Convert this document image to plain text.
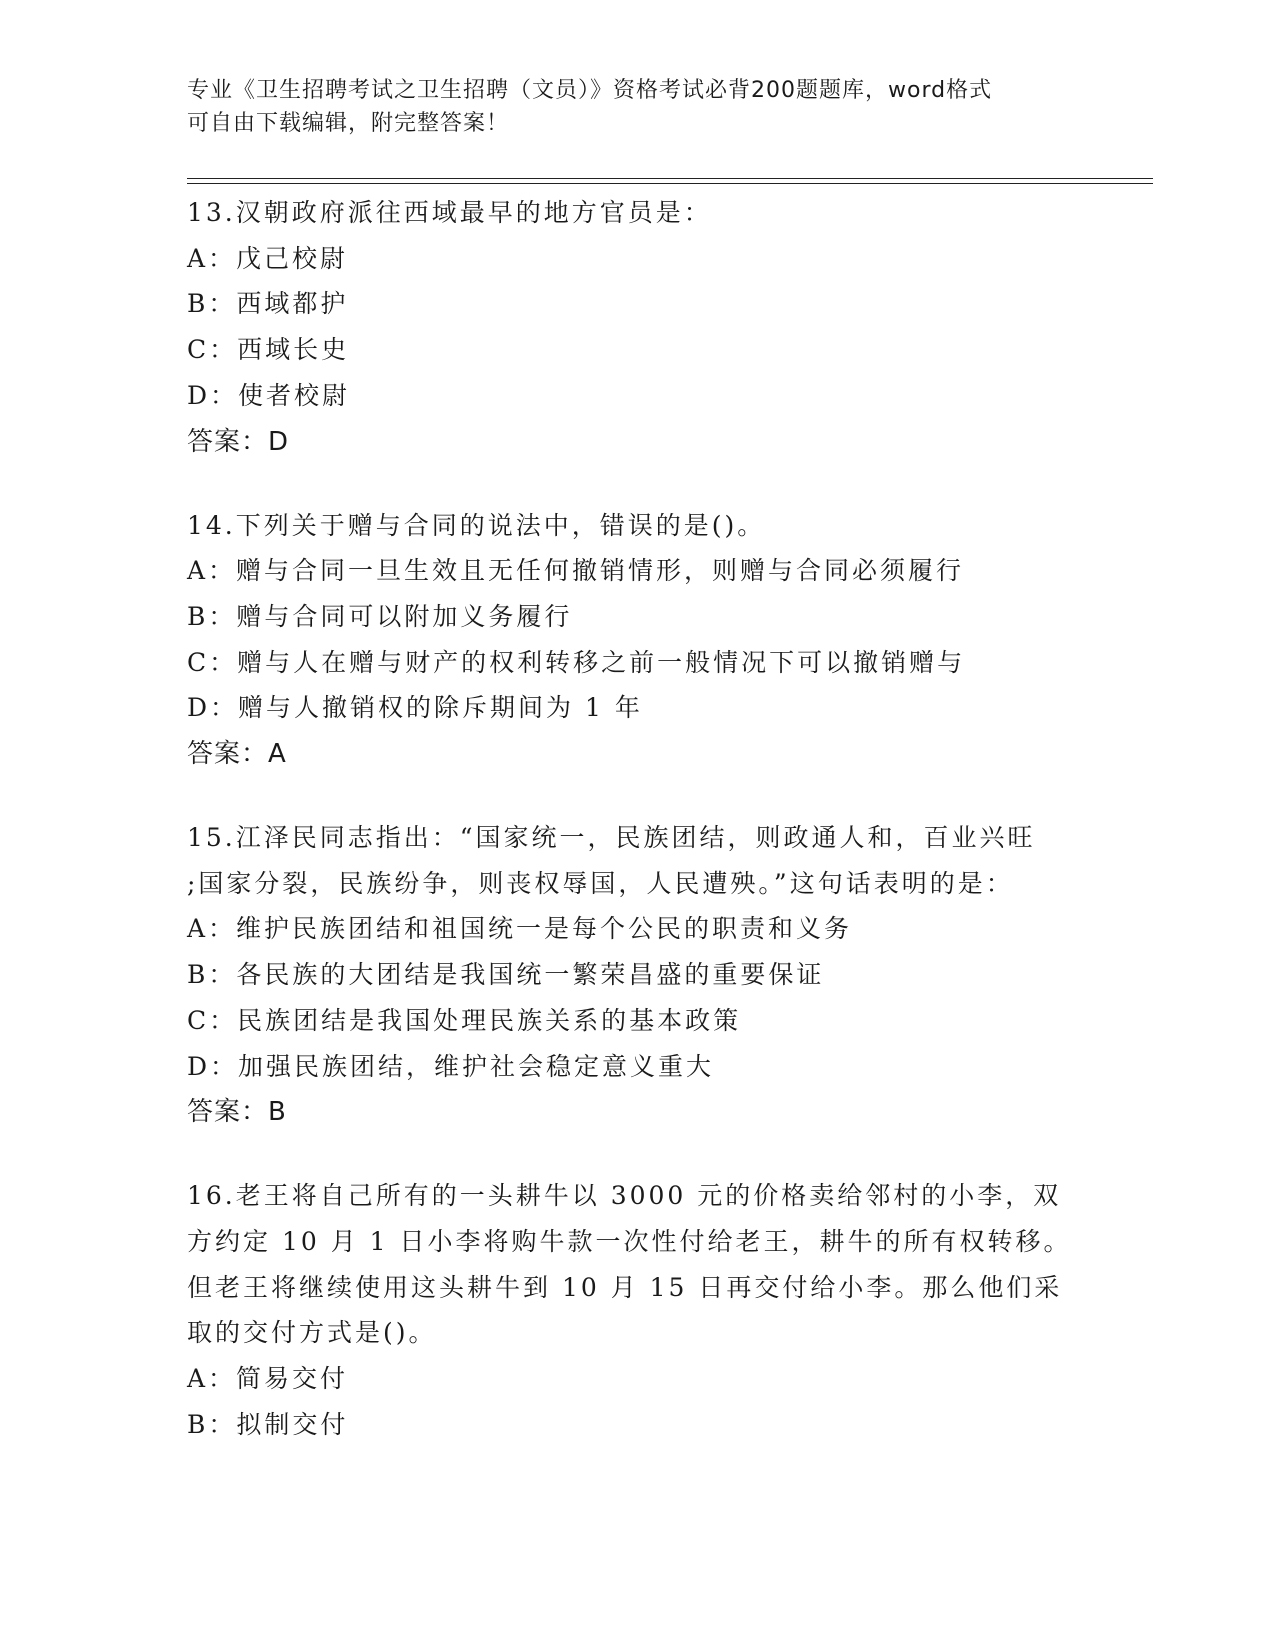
专业《卫生招聘考试之卫生招聘（文员）》资格考试必背200题题库，word格式
可自由下载编辑，附完整答案！
13.汉朝政府派往西域最早的地方官员是：
A：戊己校尉
B：西域都护
C：西域长史
D：使者校尉
答案：D
14.下列关于赠与合同的说法中，错误的是()。
A：赠与合同一旦生效且无任何撤销情形，则赠与合同必须履行
B：赠与合同可以附加义务履行
C：赠与人在赠与财产的权利转移之前一般情况下可以撤销赠与
D：赠与人撤销权的除斥期间为 1 年
答案：A
15.江泽民同志指出：“国家统一，民族团结，则政通人和，百业兴旺
;国家分裂，民族纷争，则丧权辱国，人民遭殃。”这句话表明的是：
A：维护民族团结和祖国统一是每个公民的职责和义务
B：各民族的大团结是我国统一繁荣昌盛的重要保证
C：民族团结是我国处理民族关系的基本政策
D：加强民族团结，维护社会稳定意义重大
答案：B
16.老王将自己所有的一头耕牛以 3000 元的价格卖给邻村的小李，双
方约定 10 月 1 日小李将购牛款一次性付给老王，耕牛的所有权转移。
但老王将继续使用这头耕牛到 10 月 15 日再交付给小李。那么他们采
取的交付方式是()。
A：简易交付
B：拟制交付
